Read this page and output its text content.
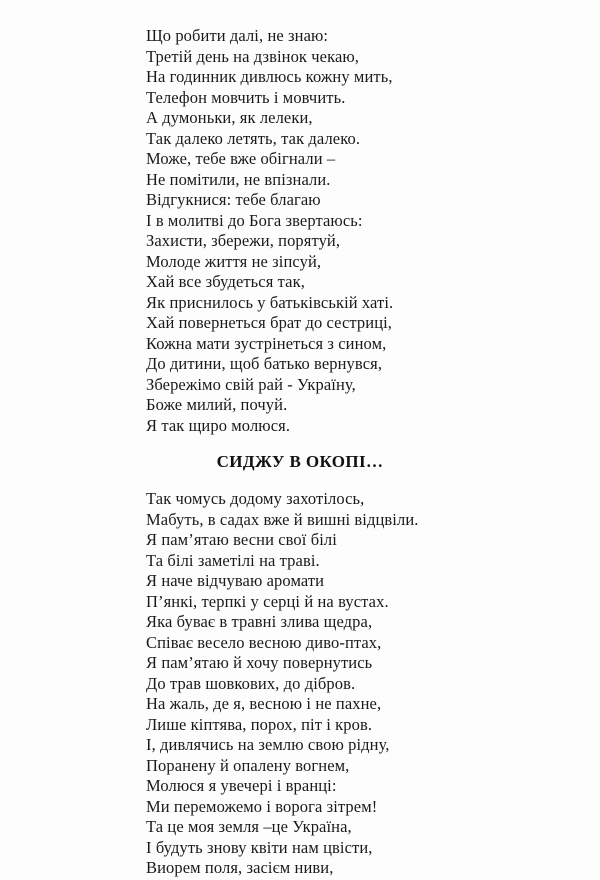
Що робити далі, не знаю:
Третій день на дзвінок чекаю,
На годинник дивлюсь кожну мить,
Телефон мовчить і мовчить.
А думоньки, як лелеки,
Так далеко летять, так далеко.
Може, тебе вже обігнали –
Не помітили, не впізнали.
Відгукнися: тебе благаю
І в молитві до Бога звертаюсь:
Захисти, збережи, порятуй,
Молоде життя не зіпсуй,
Хай все збудеться так,
Як приснилось у батьківській хаті.
Хай повернеться брат до сестриці,
Кожна мати зустрінеться з сином,
До дитини, щоб батько вернувся,
Збережімо свій рай - Україну,
Боже милий, почуй.
Я так щиро молюся.
СИДЖУ В ОКОПІ…
Так чомусь додому захотілось,
Мабуть, в садах вже й вишні відцвіли.
Я пам’ятаю весни свої білі
Та білі заметілі на траві.
Я наче відчуваю аромати
П’янкі, терпкі у серці й на вустах.
Яка буває в травні злива щедра,
Співає весело весною диво-птах,
Я пам’ятаю й хочу повернутись
До трав шовкових, до дібров.
На жаль, де я, весною і не пахне,
Лише кіптява, порох, піт і кров.
І, дивлячись на землю свою рідну,
Поранену й опалену вогнем,
Молюся я увечері і вранці:
Ми переможемо і ворога зітрем!
Та це моя земля –це Україна,
І будуть знову квіти нам цвісти,
Виорем поля, засієм ниви,
